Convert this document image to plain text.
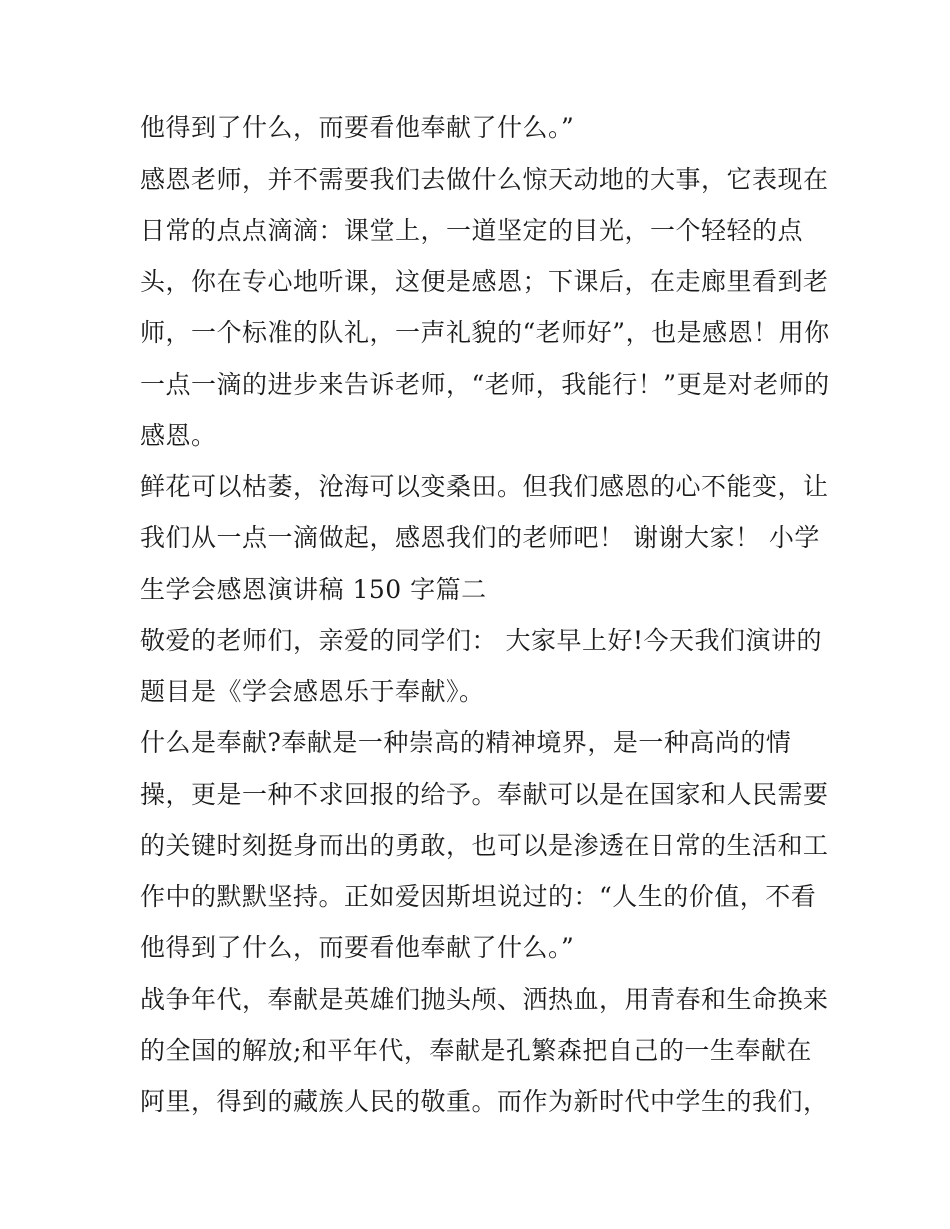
他得到了什么，而要看他奉献了什么。”
感恩老师，并不需要我们去做什么惊天动地的大事，它表现在
日常的点点滴滴：课堂上，一道坚定的目光，一个轻轻的点
头，你在专心地听课，这便是感恩；下课后，在走廊里看到老
师，一个标准的队礼，一声礼貌的“老师好”，也是感恩！用你
一点一滴的进步来告诉老师，“老师，我能行！”更是对老师的
感恩。
鲜花可以枯萎，沧海可以变桑田。但我们感恩的心不能变，让
我们从一点一滴做起，感恩我们的老师吧！ 谢谢大家！ 小学
生学会感恩演讲稿 150 字篇二
敬爱的老师们，亲爱的同学们： 大家早上好!今天我们演讲的
题目是《学会感恩乐于奉献》。
什么是奉献?奉献是一种崇高的精神境界，是一种高尚的情
操，更是一种不求回报的给予。奉献可以是在国家和人民需要
的关键时刻挺身而出的勇敢，也可以是渗透在日常的生活和工
作中的默默坚持。正如爱因斯坦说过的：“人生的价值，不看
他得到了什么，而要看他奉献了什么。”
战争年代，奉献是英雄们抛头颅、洒热血，用青春和生命换来
的全国的解放;和平年代，奉献是孔繁森把自己的一生奉献在
阿里，得到的藏族人民的敬重。而作为新时代中学生的我们，
